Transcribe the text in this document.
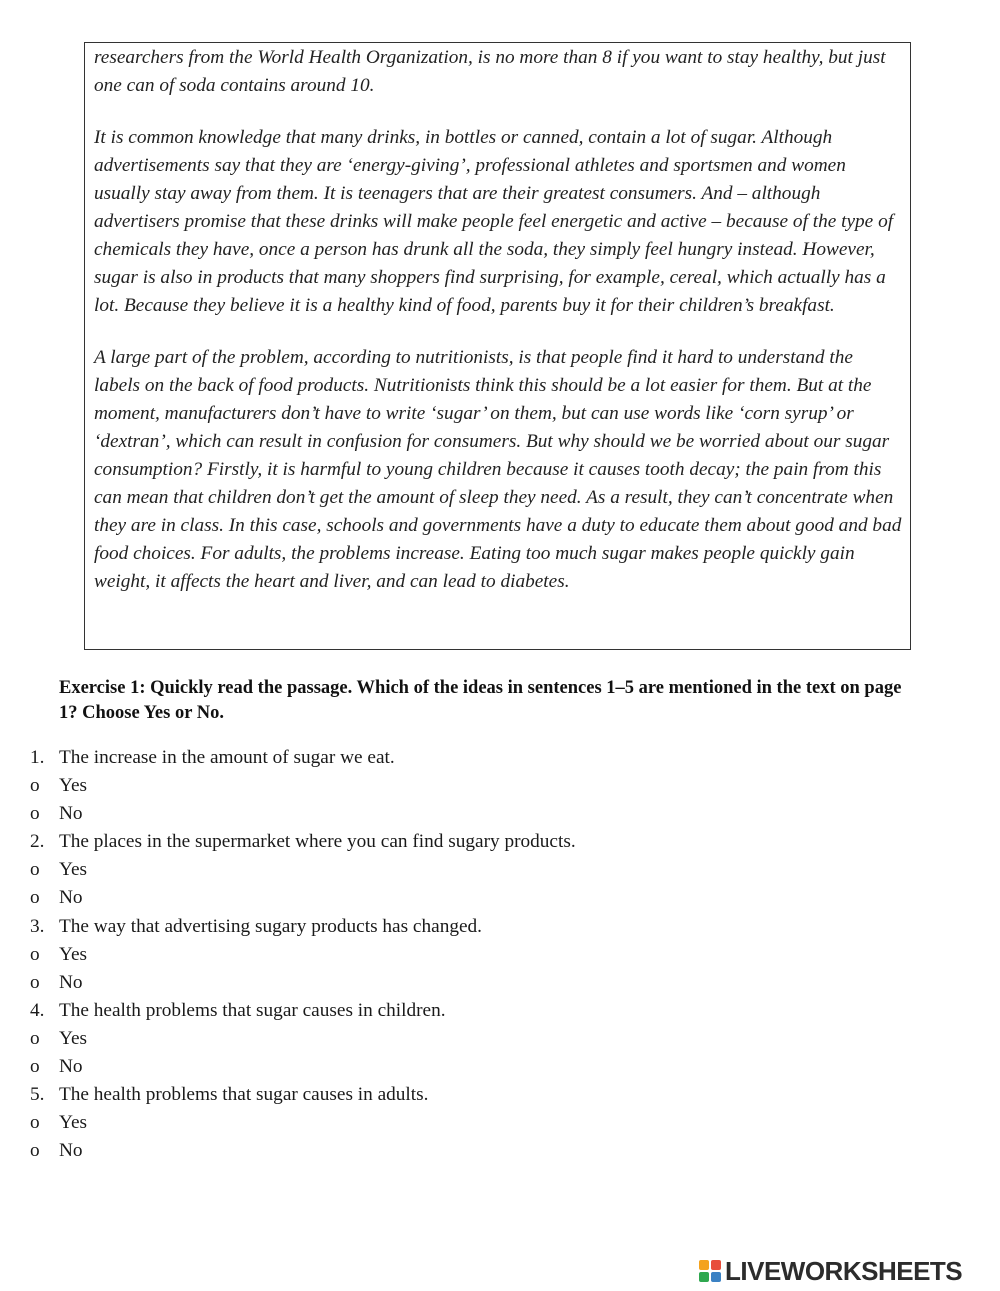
researchers from the World Health Organization, is no more than 8 if you want to stay healthy, but just one can of soda contains around 10.

It is common knowledge that many drinks, in bottles or canned, contain a lot of sugar. Although advertisements say that they are ‘energy-giving’, professional athletes and sportsmen and women usually stay away from them. It is teenagers that are their greatest consumers. And – although advertisers promise that these drinks will make people feel energetic and active – because of the type of chemicals they have, once a person has drunk all the soda, they simply feel hungry instead. However, sugar is also in products that many shoppers find surprising, for example, cereal, which actually has a lot. Because they believe it is a healthy kind of food, parents buy it for their children’s breakfast.

A large part of the problem, according to nutritionists, is that people find it hard to understand the labels on the back of food products. Nutritionists think this should be a lot easier for them. But at the moment, manufacturers don’t have to write ‘sugar’ on them, but can use words like ‘corn syrup’ or ‘dextran’, which can result in confusion for consumers. But why should we be worried about our sugar consumption? Firstly, it is harmful to young children because it causes tooth decay; the pain from this can mean that children don’t get the amount of sleep they need. As a result, they can’t concentrate when they are in class. In this case, schools and governments have a duty to educate them about good and bad food choices. For adults, the problems increase. Eating too much sugar makes people quickly gain weight, it affects the heart and liver, and can lead to diabetes.

Exercise 1: Quickly read the passage. Which of the ideas in sentences 1–5 are mentioned in the text on page 1? Choose Yes or No.

1. The increase in the amount of sugar we eat.
o Yes
o No
2. The places in the supermarket where you can find sugary products.
o Yes
o No
3. The way that advertising sugary products has changed.
o Yes
o No
4. The health problems that sugar causes in children.
o Yes
o No
5. The health problems that sugar causes in adults.
o Yes
o No
LIVEWORKSHEETS
